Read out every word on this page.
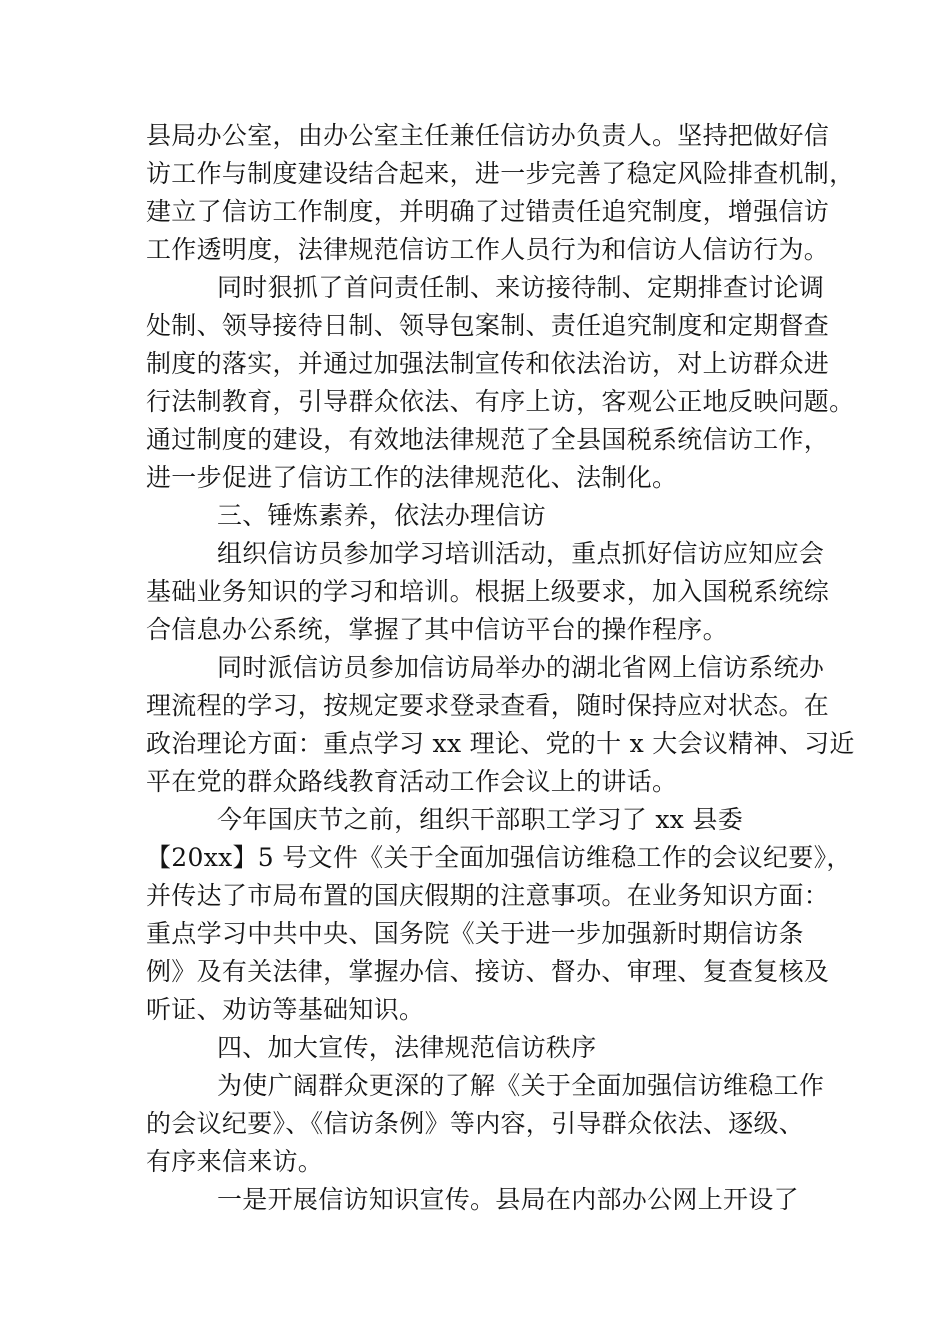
县局办公室，由办公室主任兼任信访办负责人。坚持把做好信
访工作与制度建设结合起来，进一步完善了稳定风险排查机制，
建立了信访工作制度，并明确了过错责任追究制度，增强信访
工作透明度，法律规范信访工作人员行为和信访人信访行为。
同时狠抓了首问责任制、来访接待制、定期排查讨论调
处制、领导接待日制、领导包案制、责任追究制度和定期督查
制度的落实，并通过加强法制宣传和依法治访，对上访群众进
行法制教育，引导群众依法、有序上访，客观公正地反映问题。
通过制度的建设，有效地法律规范了全县国税系统信访工作，
进一步促进了信访工作的法律规范化、法制化。
三、锤炼素养，依法办理信访
组织信访员参加学习培训活动，重点抓好信访应知应会
基础业务知识的学习和培训。根据上级要求，加入国税系统综
合信息办公系统，掌握了其中信访平台的操作程序。
同时派信访员参加信访局举办的湖北省网上信访系统办
理流程的学习，按规定要求登录查看，随时保持应对状态。在
政治理论方面：重点学习 xx 理论、党的十 x 大会议精神、习近
平在党的群众路线教育活动工作会议上的讲话。
今年国庆节之前，组织干部职工学习了 xx 县委
【20xx】5 号文件《关于全面加强信访维稳工作的会议纪要》，
并传达了市局布置的国庆假期的注意事项。在业务知识方面：
重点学习中共中央、国务院《关于进一步加强新时期信访条
例》及有关法律，掌握办信、接访、督办、审理、复查复核及
听证、劝访等基础知识。
四、加大宣传，法律规范信访秩序
为使广阔群众更深的了解《关于全面加强信访维稳工作
的会议纪要》、《信访条例》等内容，引导群众依法、逐级、
有序来信来访。
一是开展信访知识宣传。县局在内部办公网上开设了
